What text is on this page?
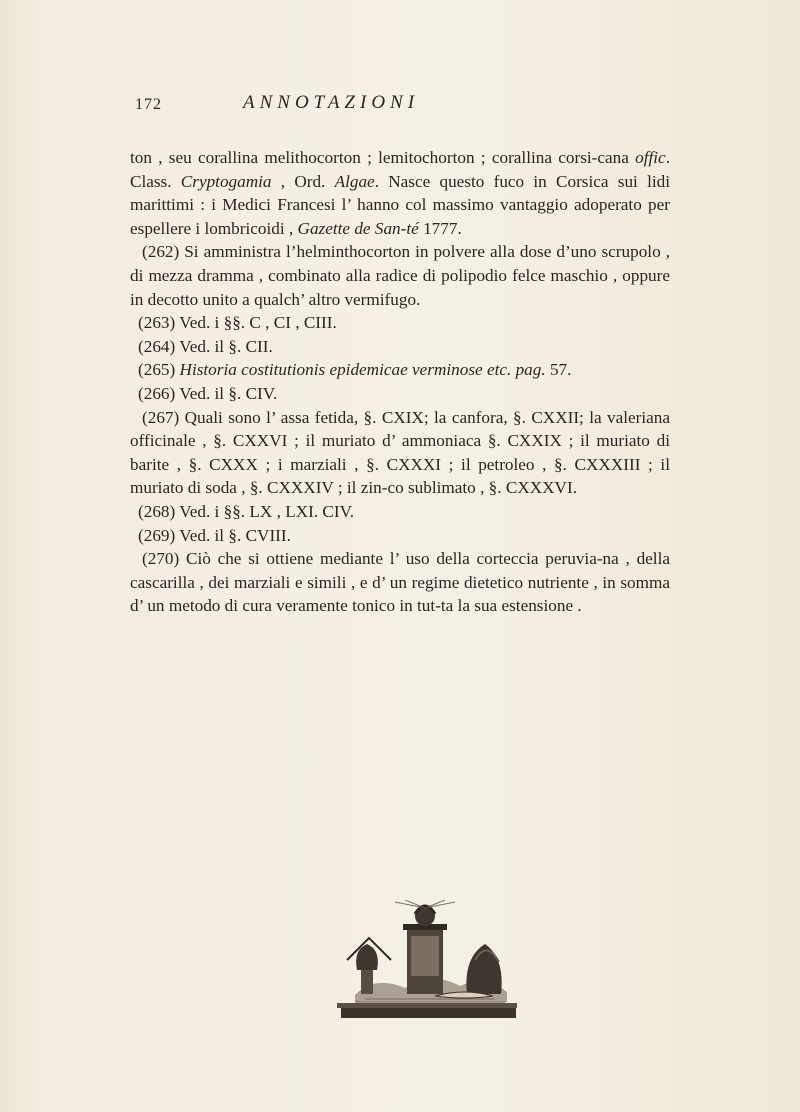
172	ANNOTAZIONI

ton , seu corallina melithocorton ; lemitochorton ; corallina corsi-cana offic. Class. Cryptogamia , Ord. Algae. Nasce questo fuco in Corsica sui lidi marittimi : i Medici Francesi l’ hanno col massimo vantaggio adoperato per espellere i lombricoidi , Gazette de San-té 1777.

(262) Si amministra l’helminthocorton in polvere alla dose d’uno scrupolo , di mezza dramma , combinato alla radice di polipodio felce maschio , oppure in decotto unito a qualch’ altro vermifugo.

(263) Ved. i §§. C , CI , CIII.

(264) Ved. il §. CII.

(265) Historia costitutionis epidemicae verminose etc. pag. 57.

(266) Ved. il §. CIV.

(267) Quali sono l’ assa fetida, §. CXIX; la canfora, §. CXXII; la valeriana officinale , §. CXXVI ; il muriato d’ ammoniaca §. CXXIX ; il muriato di barite , §. CXXX ; i marziali , §. CXXXI ; il petroleo , §. CXXXIII ; il muriato di soda , §. CXXXIV ; il zin-co sublimato , §. CXXXVI.

(268) Ved. i §§. LX , LXI. CIV.

(269) Ved. il §. CVIII.

(270) Ciò che si ottiene mediante l’ uso della corteccia peruvia-na , della cascarilla , dei marziali e simili , e d’ un regime dietetico nutriente , in somma d’ un metodo di cura veramente tonico in tut-ta la sua estensione .
